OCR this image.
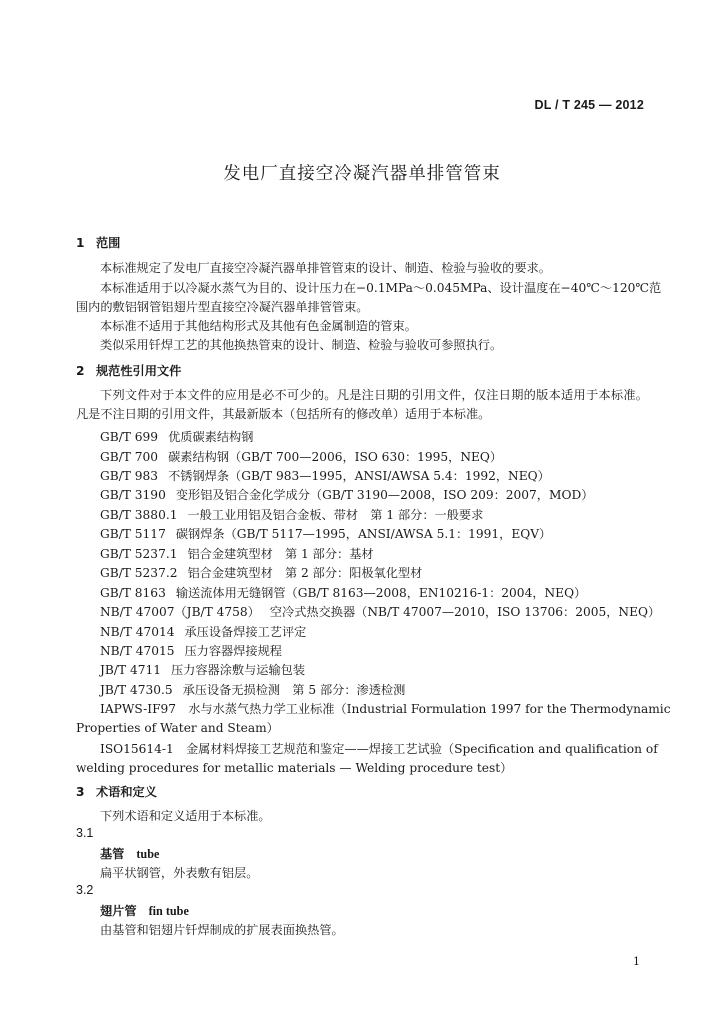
DL / T 245 — 2012
发电厂直接空冷凝汽器单排管管束
1 范围
本标准规定了发电厂直接空冷凝汽器单排管管束的设计、制造、检验与验收的要求。
本标准适用于以冷凝水蒸气为目的、设计压力在−0.1MPa～0.045MPa、设计温度在−40℃～120℃范
围内的敷铝钢管铝翅片型直接空冷凝汽器单排管管束。
本标准不适用于其他结构形式及其他有色金属制造的管束。
类似采用钎焊工艺的其他换热管束的设计、制造、检验与验收可参照执行。
2 规范性引用文件
下列文件对于本文件的应用是必不可少的。凡是注日期的引用文件，仅注日期的版本适用于本标准。
凡是不注日期的引用文件，其最新版本（包括所有的修改单）适用于本标准。
GB/T 699 优质碳素结构钢
GB/T 700 碳素结构钢（GB/T 700—2006，ISO 630：1995，NEQ）
GB/T 983 不锈钢焊条（GB/T 983—1995，ANSI/AWSA 5.4：1992，NEQ）
GB/T 3190 变形铝及铝合金化学成分（GB/T 3190—2008，ISO 209：2007，MOD）
GB/T 3880.1 一般工业用铝及铝合金板、带材　第 1 部分：一般要求
GB/T 5117 碳钢焊条（GB/T 5117—1995，ANSI/AWSA 5.1：1991，EQV）
GB/T 5237.1 铝合金建筑型材　第 1 部分：基材
GB/T 5237.2 铝合金建筑型材　第 2 部分：阳极氧化型材
GB/T 8163 输送流体用无缝钢管（GB/T 8163—2008，EN10216-1：2004，NEQ）
NB/T 47007（JB/T 4758） 空冷式热交换器（NB/T 47007—2010，ISO 13706：2005，NEQ）
NB/T 47014 承压设备焊接工艺评定
NB/T 47015 压力容器焊接规程
JB/T 4711 压力容器涂敷与运输包装
JB/T 4730.5 承压设备无损检测　第 5 部分：渗透检测
IAPWS-IF97　水与水蒸气热力学工业标准（Industrial Formulation 1997 for the Thermodynamic
Properties of Water and Steam）
ISO15614-1　金属材料焊接工艺规范和鉴定——焊接工艺试验（Specification and qualification of
welding procedures for metallic materials — Welding procedure test）
3 术语和定义
下列术语和定义适用于本标准。
3.1
基管 tube
扁平状钢管，外表敷有铝层。
3.2
翅片管 fin tube
由基管和铝翅片钎焊制成的扩展表面换热管。
1
